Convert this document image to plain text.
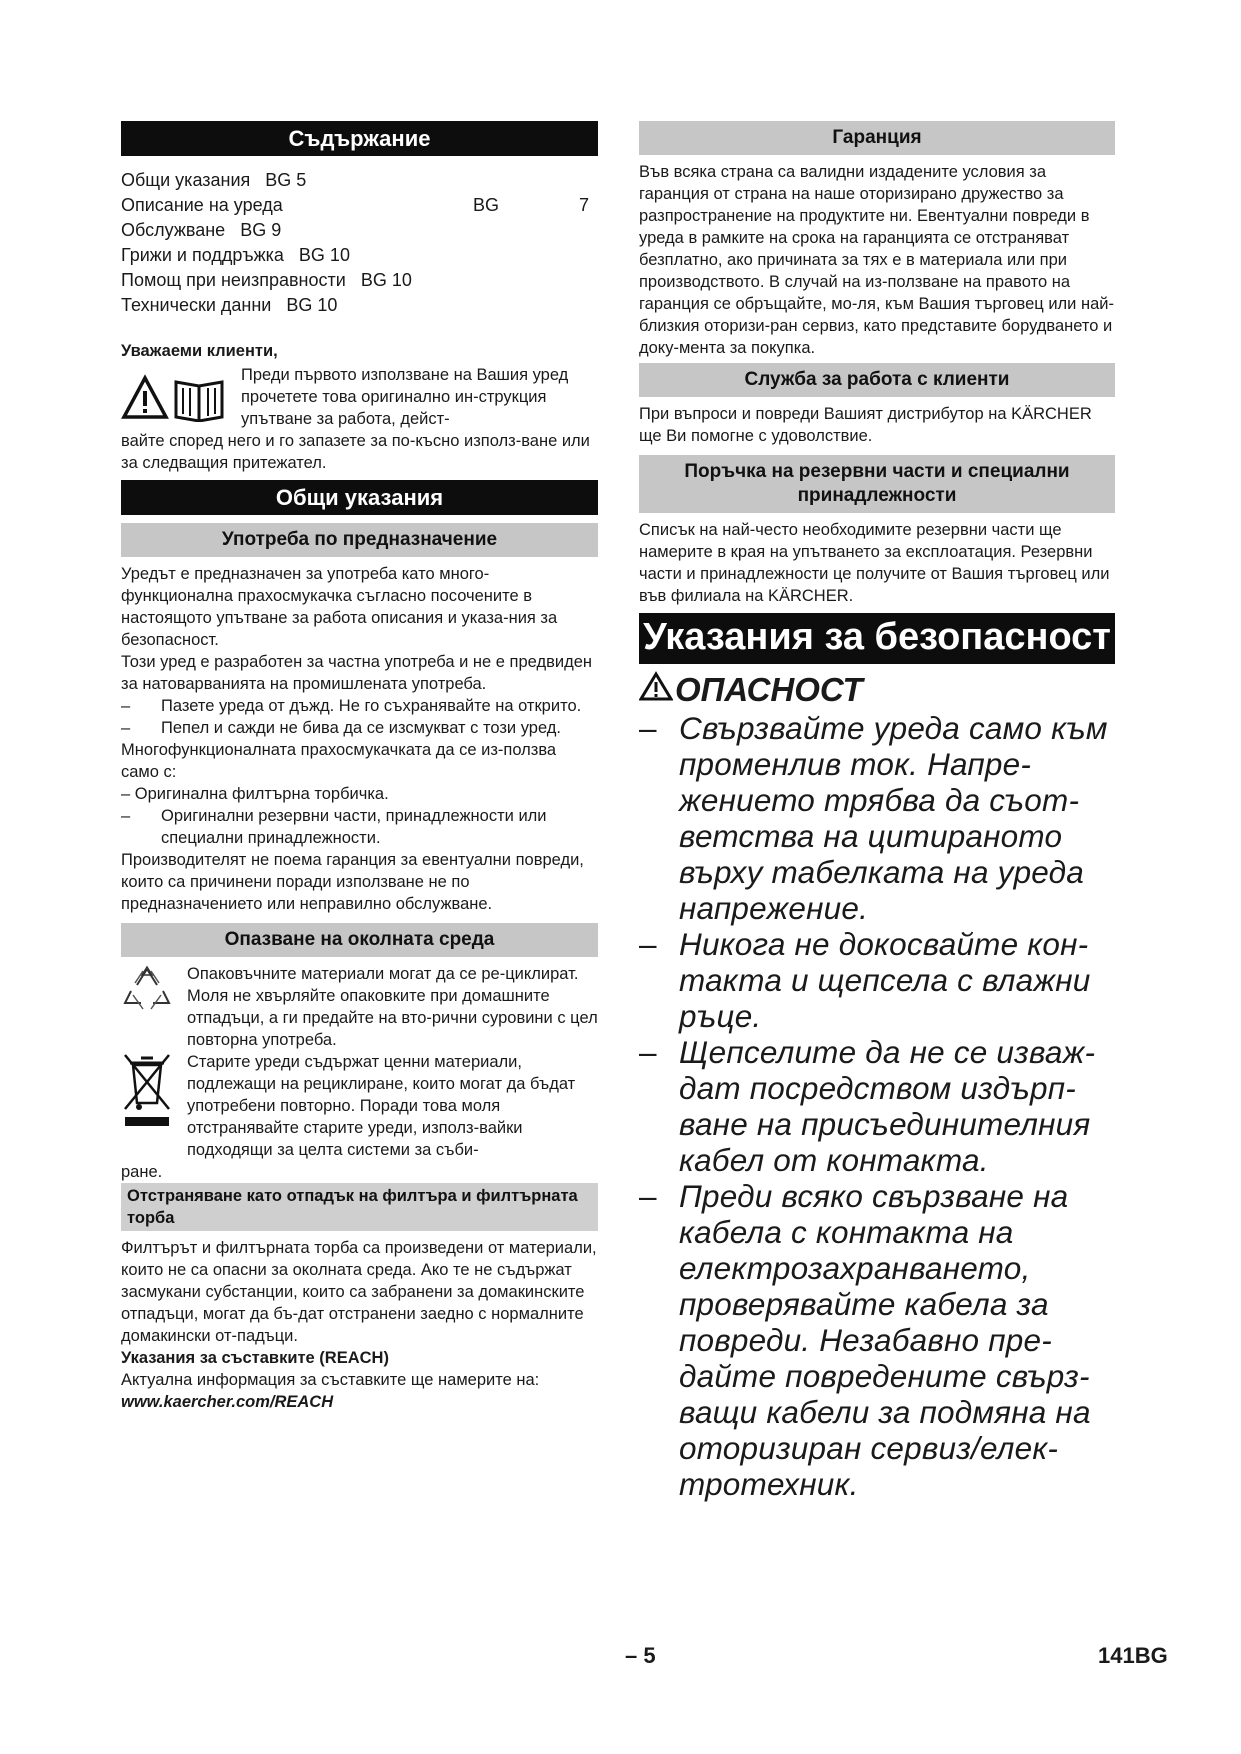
Съдържание
Общи указания BG 5
Описание на уреда	BG	7
Обслужване BG 9
Грижи и поддръжка BG 10
Помощ при неизправности BG 10
Технически данни BG 10
Уважаеми клиенти,
Преди първото използване на Вашия уред прочетете това оригинално ин-струкция упътване за работа, дейст-
вайте според него и го запазете за по-късно използ-ване или за следващия притежател.
Общи указания
Употреба по предназначение
Уредът е предназначен за употреба като много-функционална прахосмукачка съгласно посочените в настоящото упътване за работа описания и указа-ния за безопасност.
Този уред е разработен за частна употреба и не е предвиден за натоварванията на промишлената употреба.
– Пазете уреда от дъжд. Не го съхранявайте на открито.
– Пепел и сажди не бива да се изсмукват с този уред.
Многофункционалната прахосмукачката да се из-ползва само с:
– Оригинална филтърна торбичка.
– Оригинални резервни части, принадлежности или специални принадлежности.
Производителят не поема гаранция за евентуални повреди, които са причинени поради използване не по предназначението или неправилно обслужване.
Опазване на околната среда
Опаковъчните материали могат да се ре-циклират. Моля не хвърляйте опаковките при домашните отпадъци, а ги предайте на вто-рични суровини с цел повторна употреба.
Старите уреди съдържат ценни материали, подлежащи на рециклиране, които могат да бъдат употребени повторно. Поради това моля отстранявайте старите уреди, използ-вайки подходящи за целта системи за съби-
ране.
Отстраняване като отпадък на филтъра и филтърната торба
Филтърът и филтърната торба са произведени от материали, които не са опасни за околната среда. Ако те не съдържат засмукани субстанции, които са забранени за домакинските отпадъци, могат да бъ-дат отстранени заедно с нормалните домакински от-падъци.
Указания за съставките (REACH)
Актуална информация за съставките ще намерите на:
www.kaercher.com/REACH
Гаранция
Във всяка страна са валидни издадените условия за гаранция от страна на наше оторизирано дружество за разпространение на продуктите ни. Евентуални повреди в уреда в рамките на срока на гаранцията се отстраняват безплатно, ако причината за тях е в материала или при производството. В случай на из-ползване на правото на гаранция се обръщайте, мо-ля, към Вашия търговец или най-близкия оторизи-ран сервиз, като представите борудването и доку-мента за покупка.
Служба за работа с клиенти
При въпроси и повреди Вашият дистрибутор на KÄRCHER ще Ви помогне с удоволствие.
Поръчка на резервни части и специални принадлежности
Списък на най-често необходимите резервни части ще намерите в края на упътването за експлоатация. Резервни части и принадлежности це получите от Вашия търговец или във филиала на KÄRCHER.
Указания за безопасност
ОПАСНОСТ
– Свързвайте уреда само към променлив ток. Напре-жението трябва да съот-ветства на цитираното върху табелката на уреда напрежение.
– Никога не докосвайте кон-такта и щепсела с влажни ръце.
– Щепселите да не се изваж-дат посредством издърп-ване на присъединителния кабел от контакта.
– Преди всяко свързване на кабела с контакта на електрозахранването, проверявайте кабела за повреди. Незабавно пре-дайте повредените свърз-ващи кабели за подмяна на оторизиран сервиз/елек-тротехник.
– 5	141BG
